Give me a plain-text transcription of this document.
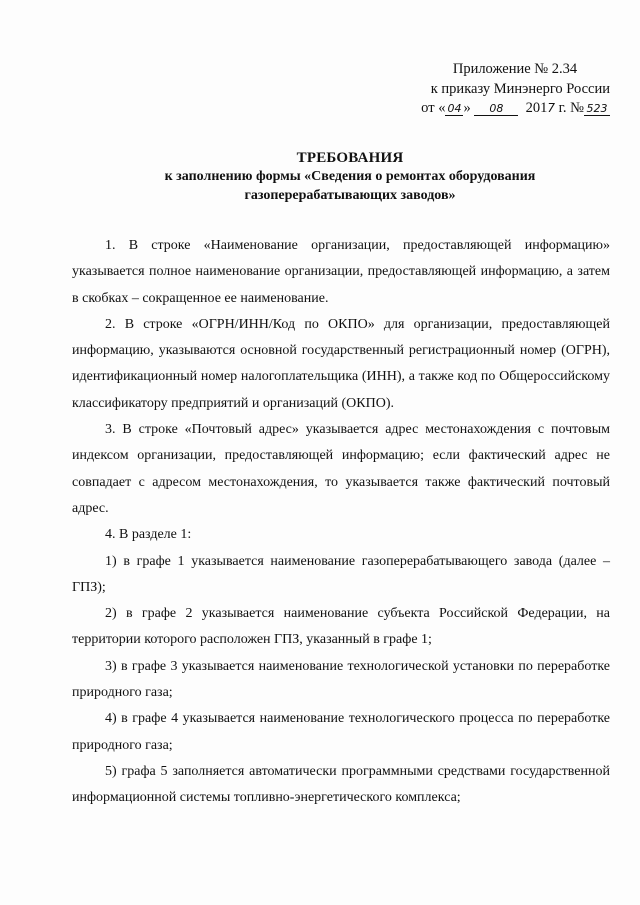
Приложение № 2.34
к приказу Минэнерго России
от « 04 » 08 2017 г. № 523
ТРЕБОВАНИЯ
к заполнению формы «Сведения о ремонтах оборудования
газоперерабатывающих заводов»

1. В строке «Наименование организации, предоставляющей информацию» указывается полное наименование организации, предоставляющей информацию, а затем в скобках – сокращенное ее наименование.

2. В строке «ОГРН/ИНН/Код по ОКПО» для организации, предоставляющей информацию, указываются основной государственный регистрационный номер (ОГРН), идентификационный номер налогоплательщика (ИНН), а также код по Общероссийскому классификатору предприятий и организаций (ОКПО).

3. В строке «Почтовый адрес» указывается адрес местонахождения с почтовым индексом организации, предоставляющей информацию; если фактический адрес не совпадает с адресом местонахождения, то указывается также фактический почтовый адрес.

4. В разделе 1:

1) в графе 1 указывается наименование газоперерабатывающего завода (далее – ГПЗ);

2) в графе 2 указывается наименование субъекта Российской Федерации, на территории которого расположен ГПЗ, указанный в графе 1;

3) в графе 3 указывается наименование технологической установки по переработке природного газа;

4) в графе 4 указывается наименование технологического процесса по переработке природного газа;

5) графа 5 заполняется автоматически программными средствами государственной информационной системы топливно-энергетического комплекса;
